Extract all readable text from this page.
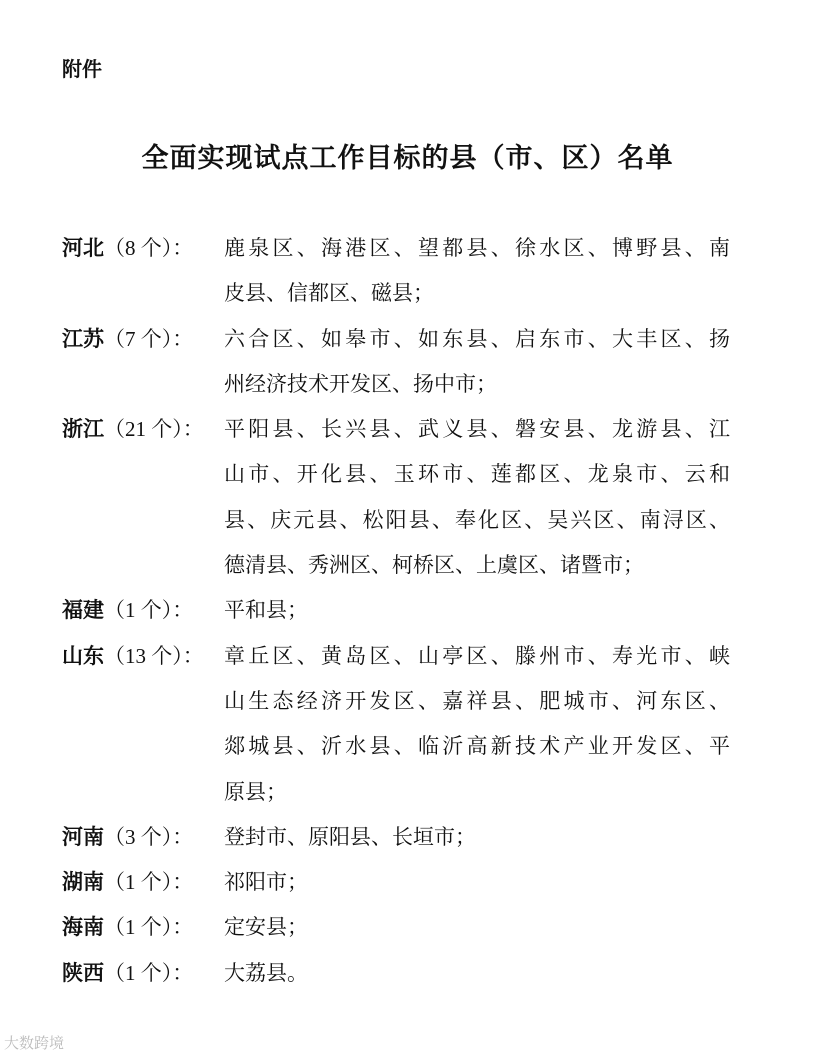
附件
全面实现试点工作目标的县（市、区）名单
河北（8 个）：	鹿泉区、海港区、望都县、徐水区、博野县、南
皮县、信都区、磁县；
江苏（7 个）：	六合区、如皋市、如东县、启东市、大丰区、扬
州经济技术开发区、扬中市；
浙江（21 个）： 平阳县、长兴县、武义县、磐安县、龙游县、江
山市、开化县、玉环市、莲都区、龙泉市、云和
县、庆元县、松阳县、奉化区、吴兴区、南浔区、
德清县、秀洲区、柯桥区、上虞区、诸暨市；
福建（1 个）：	平和县；
山东（13 个）： 章丘区、黄岛区、山亭区、滕州市、寿光市、峡
山生态经济开发区、嘉祥县、肥城市、河东区、
郯城县、沂水县、临沂高新技术产业开发区、平
原县；
河南（3 个）：	登封市、原阳县、长垣市；
湖南（1 个）：	祁阳市；
海南（1 个）：	定安县；
陕西（1 个）：	大荔县。
大数跨境
